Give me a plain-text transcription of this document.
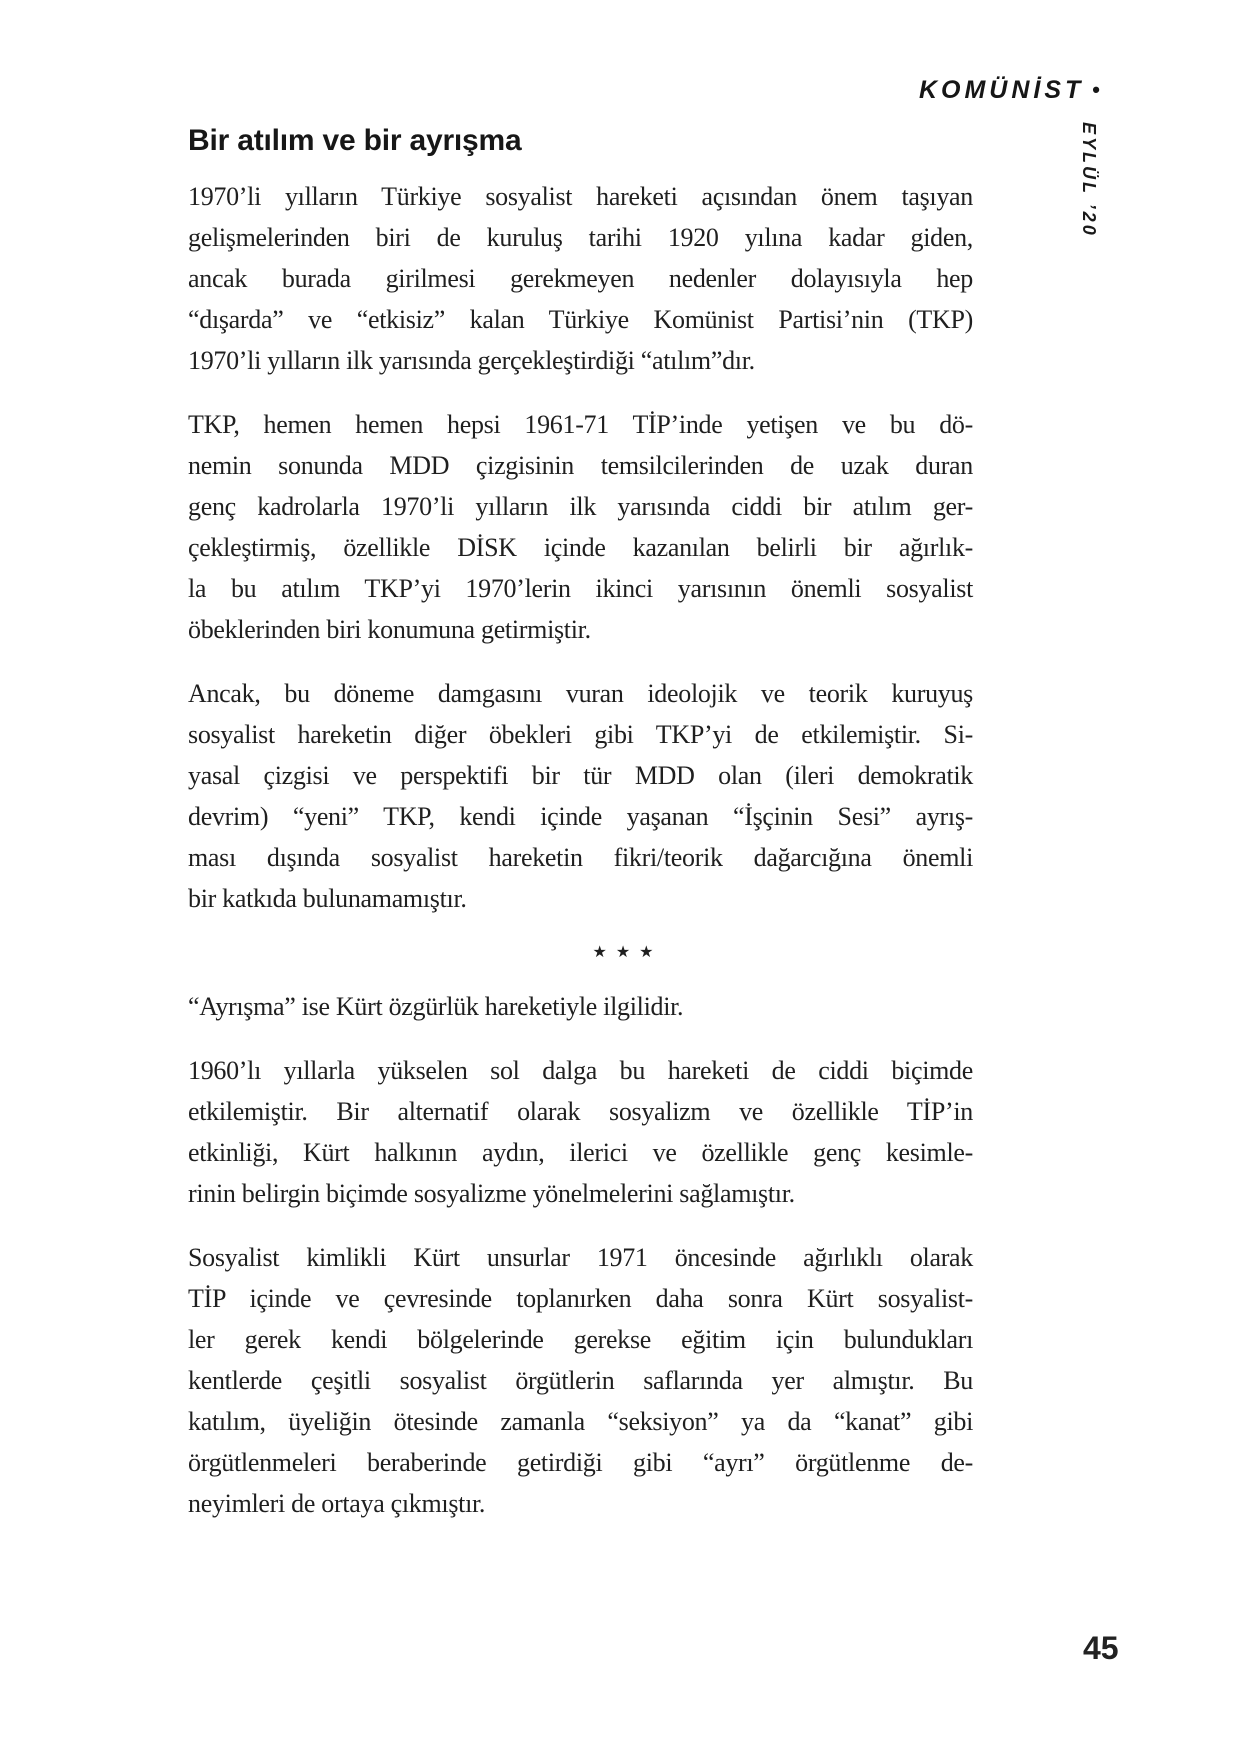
KOMÜNİST •
EYLÜL ’20
Bir atılım ve bir ayrışma
1970’li yılların Türkiye sosyalist hareketi açısından önem taşıyan
gelişmelerinden biri de kuruluş tarihi 1920 yılına kadar giden,
ancak burada girilmesi gerekmeyen nedenler dolayısıyla hep
“dışarda” ve “etkisiz” kalan Türkiye Komünist Partisi’nin (TKP)
1970’li yılların ilk yarısında gerçekleştirdiği “atılım”dır.
TKP, hemen hemen hepsi 1961-71 TİP’inde yetişen ve bu dö-
nemin sonunda MDD çizgisinin temsilcilerinden de uzak duran
genç kadrolarla 1970’li yılların ilk yarısında ciddi bir atılım ger-
çekleştirmiş, özellikle DİSK içinde kazanılan belirli bir ağırlık-
la bu atılım TKP’yi 1970’lerin ikinci yarısının önemli sosyalist
öbeklerinden biri konumuna getirmiştir.
Ancak, bu döneme damgasını vuran ideolojik ve teorik kuruyuş
sosyalist hareketin diğer öbekleri gibi TKP’yi de etkilemiştir. Si-
yasal çizgisi ve perspektifi bir tür MDD olan (ileri demokratik
devrim) “yeni” TKP, kendi içinde yaşanan “İşçinin Sesi” ayrış-
ması dışında sosyalist hareketin fikri/teorik dağarcığına önemli
bir katkıda bulunamamıştır.
★★★
“Ayrışma” ise Kürt özgürlük hareketiyle ilgilidir.
1960’lı yıllarla yükselen sol dalga bu hareketi de ciddi biçimde
etkilemiştir. Bir alternatif olarak sosyalizm ve özellikle TİP’in
etkinliği, Kürt halkının aydın, ilerici ve özellikle genç kesimle-
rinin belirgin biçimde sosyalizme yönelmelerini sağlamıştır.
Sosyalist kimlikli Kürt unsurlar 1971 öncesinde ağırlıklı olarak
TİP içinde ve çevresinde toplanırken daha sonra Kürt sosyalist-
ler gerek kendi bölgelerinde gerekse eğitim için bulundukları
kentlerde çeşitli sosyalist örgütlerin saflarında yer almıştır. Bu
katılım, üyeliğin ötesinde zamanla “seksiyon” ya da “kanat” gibi
örgütlenmeleri beraberinde getirdiği gibi “ayrı” örgütlenme de-
neyimleri de ortaya çıkmıştır.
45
